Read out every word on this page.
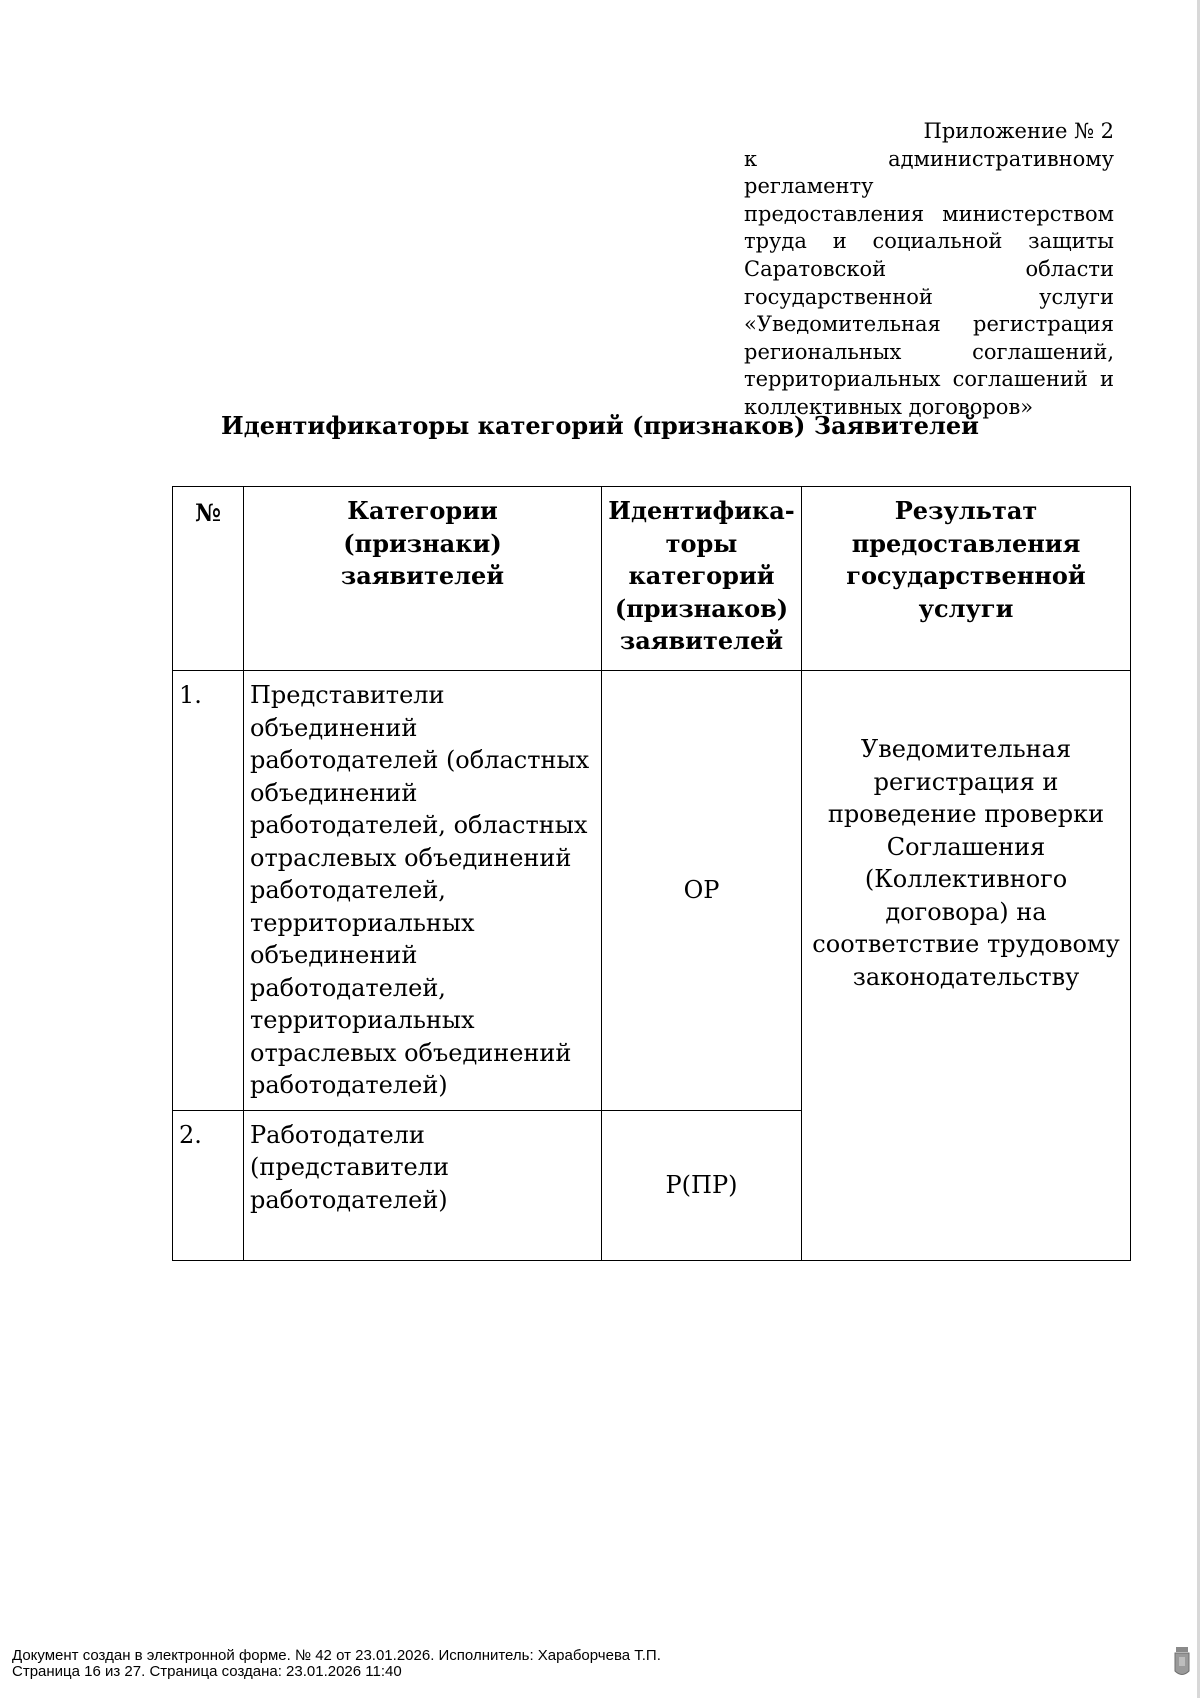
Приложение № 2
к административному регламенту
предоставления министерством
труда и социальной защиты
Саратовской области
государственной услуги
«Уведомительная регистрация
региональных соглашений,
территориальных соглашений и
коллективных договоров»
Идентификаторы категорий (признаков) Заявителей
№	Категории (признаки) заявителей	Идентифика-торы категорий (признаков) заявителей	Результат предоставления государственной услуги
1.	Представители объединений работодателей (областных объединений работодателей, областных отраслевых объединений работодателей, территориальных объединений работодателей, территориальных отраслевых объединений работодателей)	ОР	Уведомительная регистрация и проведение проверки Соглашения (Коллективного договора) на соответствие трудовому законодательству
2.	Работодатели (представители работодателей)	Р(ПР)	
Документ создан в электронной форме. № 42 от 23.01.2026. Исполнитель: Хараборчева Т.П.
Страница 16 из 27. Страница создана: 23.01.2026 11:40
